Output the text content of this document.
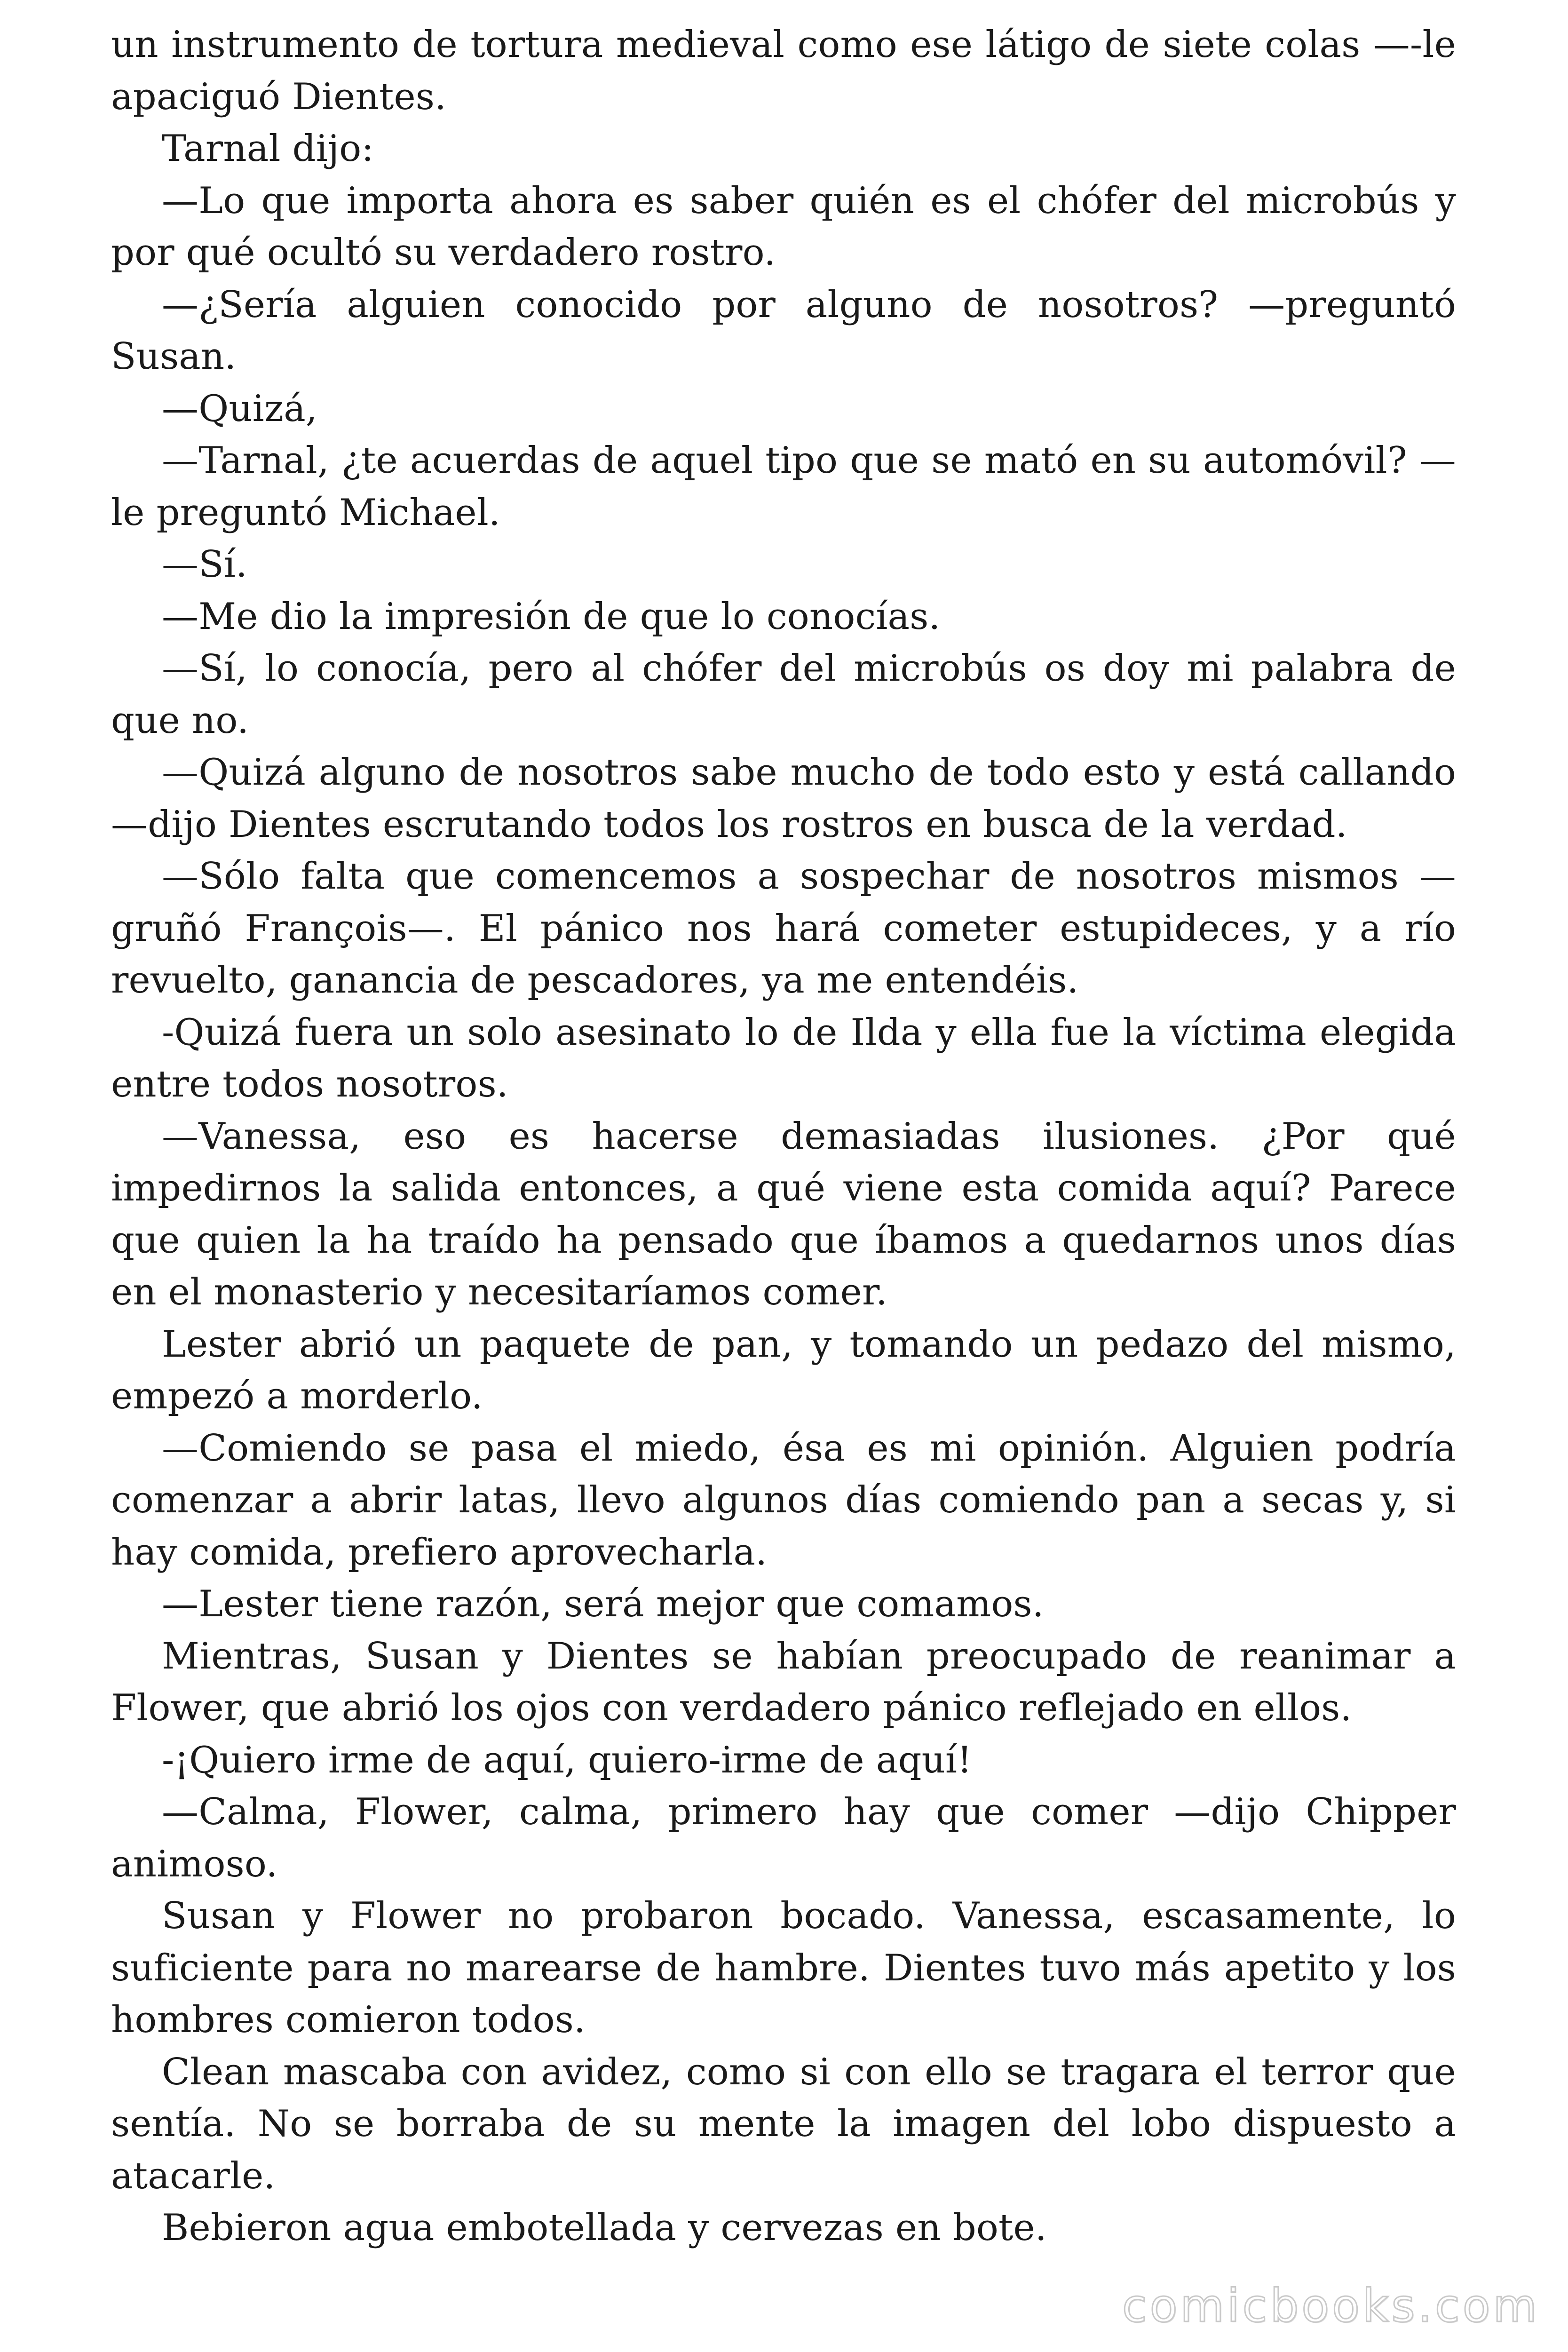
un instrumento de tortura medieval como ese látigo de siete colas —-le apaciguó Dientes.

Tarnal dijo:

—Lo que importa ahora es saber quién es el chófer del microbús y por qué ocultó su verdadero rostro.

—¿Sería alguien conocido por alguno de nosotros? —preguntó Susan.

—Quizá,

—Tarnal, ¿te acuerdas de aquel tipo que se mató en su automóvil? —le preguntó Michael.

—Sí.

—Me dio la impresión de que lo conocías.

—Sí, lo conocía, pero al chófer del microbús os doy mi palabra de que no.

—Quizá alguno de nosotros sabe mucho de todo esto y está callando —dijo Dientes escrutando todos los rostros en busca de la verdad.

—Sólo falta que comencemos a sospechar de nosotros mismos —gruñó François—. El pánico nos hará cometer estupideces, y a río revuelto, ganancia de pescadores, ya me entendéis.

-Quizá fuera un solo asesinato lo de Ilda y ella fue la víctima elegida entre todos nosotros.

—Vanessa, eso es hacerse demasiadas ilusiones. ¿Por qué impedirnos la salida entonces, a qué viene esta comida aquí? Parece que quien la ha traído ha pensado que íbamos a quedarnos unos días en el monasterio y necesitaríamos comer.

Lester abrió un paquete de pan, y tomando un pedazo del mismo, empezó a morderlo.

—Comiendo se pasa el miedo, ésa es mi opinión. Alguien podría comenzar a abrir latas, llevo algunos días comiendo pan a secas y, si hay comida, prefiero aprovecharla.

—Lester tiene razón, será mejor que comamos.

Mientras, Susan y Dientes se habían preocupado de reanimar a Flower, que abrió los ojos con verdadero pánico reflejado en ellos.

-¡Quiero irme de aquí, quiero-irme de aquí!

—Calma, Flower, calma, primero hay que comer —dijo Chipper animoso.

Susan y Flower no probaron bocado. Vanessa, escasamente, lo suficiente para no marearse de hambre. Dientes tuvo más apetito y los hombres comieron todos.

Clean mascaba con avidez, como si con ello se tragara el terror que sentía. No se borraba de su mente la imagen del lobo dispuesto a atacarle.

Bebieron agua embotellada y cervezas en bote.

comicbooks.com
